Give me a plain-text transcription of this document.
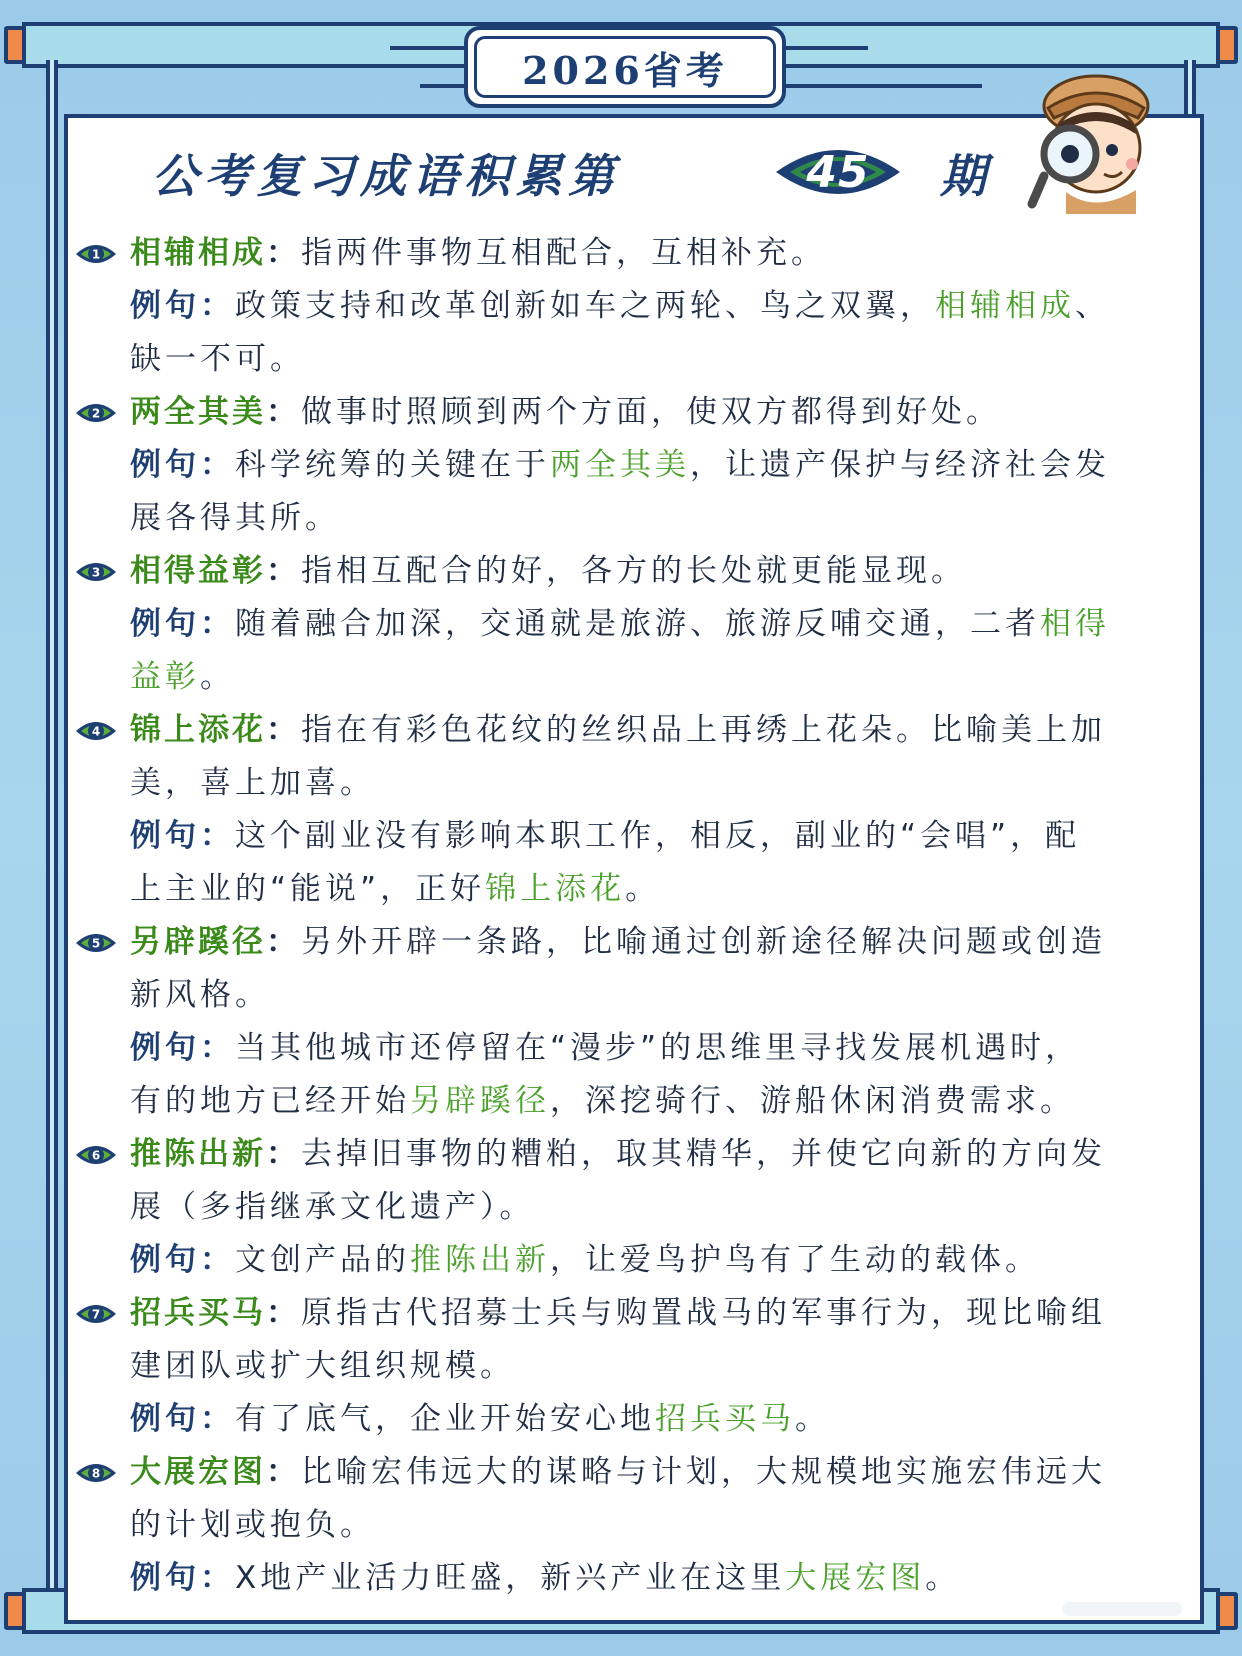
2026省考
公考复习成语积累第	45	期
1 相辅相成：指两件事物互相配合，互相补充。
例句：政策支持和改革创新如车之两轮、鸟之双翼，相辅相成、
缺一不可。
2 两全其美：做事时照顾到两个方面，使双方都得到好处。
例句：科学统筹的关键在于两全其美，让遗产保护与经济社会发
展各得其所。
3 相得益彰：指相互配合的好，各方的长处就更能显现。
例句：随着融合加深，交通就是旅游、旅游反哺交通，二者相得
益彰。
4 锦上添花：指在有彩色花纹的丝织品上再绣上花朵。比喻美上加
美，喜上加喜。
例句：这个副业没有影响本职工作，相反，副业的“会唱”，配
上主业的“能说”，正好锦上添花。
5 另辟蹊径：另外开辟一条路，比喻通过创新途径解决问题或创造
新风格。
例句：当其他城市还停留在“漫步”的思维里寻找发展机遇时，
有的地方已经开始另辟蹊径，深挖骑行、游船休闲消费需求。
6 推陈出新：去掉旧事物的糟粕，取其精华，并使它向新的方向发
展（多指继承文化遗产）。
例句：文创产品的推陈出新，让爱鸟护鸟有了生动的载体。
7 招兵买马：原指古代招募士兵与购置战马的军事行为，现比喻组
建团队或扩大组织规模。
例句：有了底气，企业开始安心地招兵买马。
8 大展宏图：比喻宏伟远大的谋略与计划，大规模地实施宏伟远大
的计划或抱负。
例句：X地产业活力旺盛，新兴产业在这里大展宏图。
